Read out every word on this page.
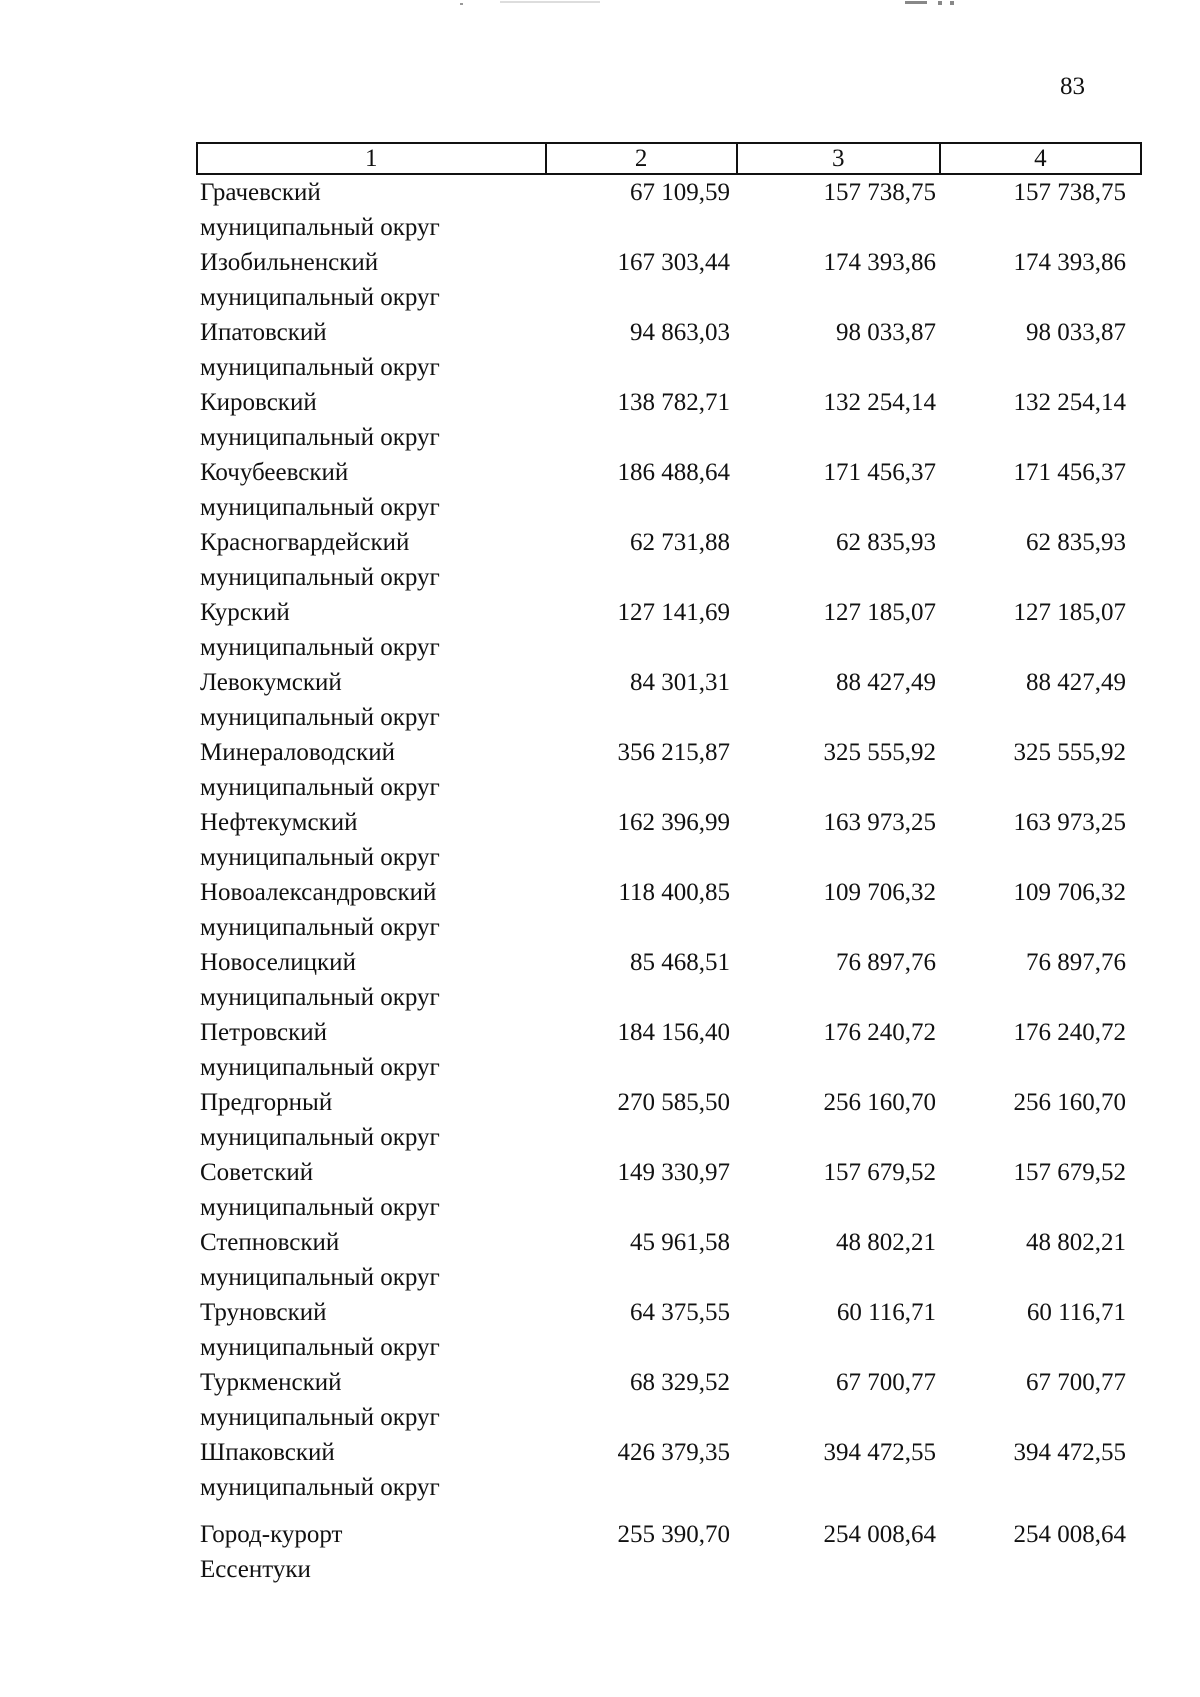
83
1	2	3	4
Грачевский
муниципальный округ
67 109,59	157 738,75	157 738,75
Изобильненский
муниципальный округ
167 303,44	174 393,86	174 393,86
Ипатовский
муниципальный округ
94 863,03	98 033,87	98 033,87
Кировский
муниципальный округ
138 782,71	132 254,14	132 254,14
Кочубеевский
муниципальный округ
186 488,64	171 456,37	171 456,37
Красногвардейский
муниципальный округ
62 731,88	62 835,93	62 835,93
Курский
муниципальный округ
127 141,69	127 185,07	127 185,07
Левокумский
муниципальный округ
84 301,31	88 427,49	88 427,49
Минераловодский
муниципальный округ
356 215,87	325 555,92	325 555,92
Нефтекумский
муниципальный округ
162 396,99	163 973,25	163 973,25
Новоалександровский
муниципальный округ
118 400,85	109 706,32	109 706,32
Новоселицкий
муниципальный округ
85 468,51	76 897,76	76 897,76
Петровский
муниципальный округ
184 156,40	176 240,72	176 240,72
Предгорный
муниципальный округ
270 585,50	256 160,70	256 160,70
Советский
муниципальный округ
149 330,97	157 679,52	157 679,52
Степновский
муниципальный округ
45 961,58	48 802,21	48 802,21
Труновский
муниципальный округ
64 375,55	60 116,71	60 116,71
Туркменский
муниципальный округ
68 329,52	67 700,77	67 700,77
Шпаковский
муниципальный округ
426 379,35	394 472,55	394 472,55
Город-курорт
Ессентуки
255 390,70	254 008,64	254 008,64
